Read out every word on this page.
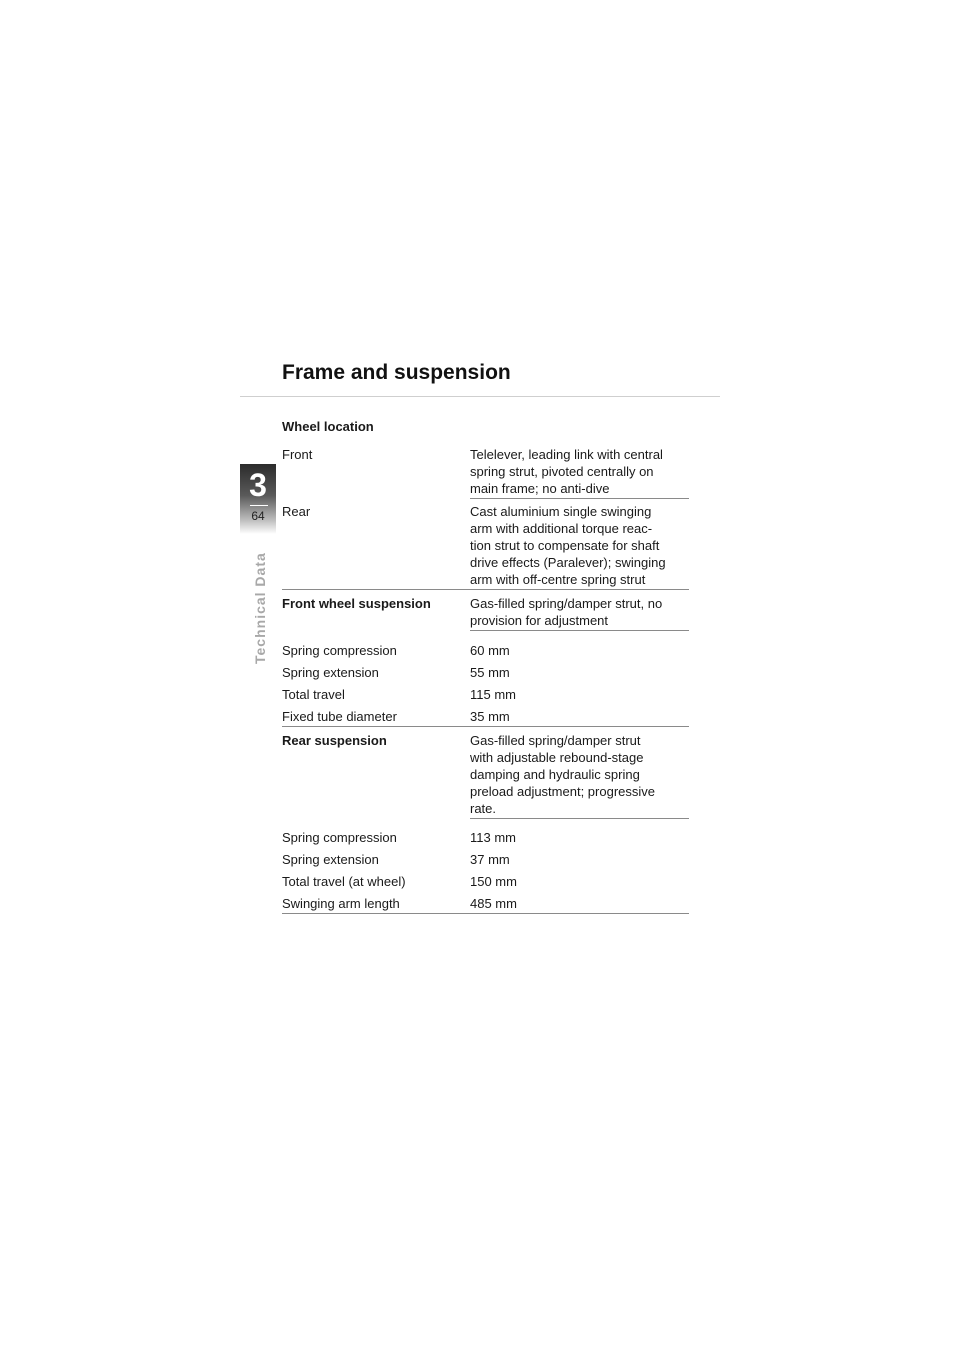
Frame and suspension
3
64
Technical Data
Wheel location
Front	Telelever, leading link with central
spring strut, pivoted centrally on
main frame; no anti-dive
Rear	Cast aluminium single swinging
arm with additional torque reac-
tion strut to compensate for shaft
drive effects (Paralever); swinging
arm with off-centre spring strut
Front wheel suspension	Gas-filled spring/damper strut, no
provision for adjustment
Spring compression	60 mm
Spring extension	55 mm
Total travel	115 mm
Fixed tube diameter	35 mm
Rear suspension	Gas-filled spring/damper strut
with adjustable rebound-stage
damping and hydraulic spring
preload adjustment; progressive
rate.
Spring compression	113 mm
Spring extension	37 mm
Total travel (at wheel)	150 mm
Swinging arm length	485 mm
